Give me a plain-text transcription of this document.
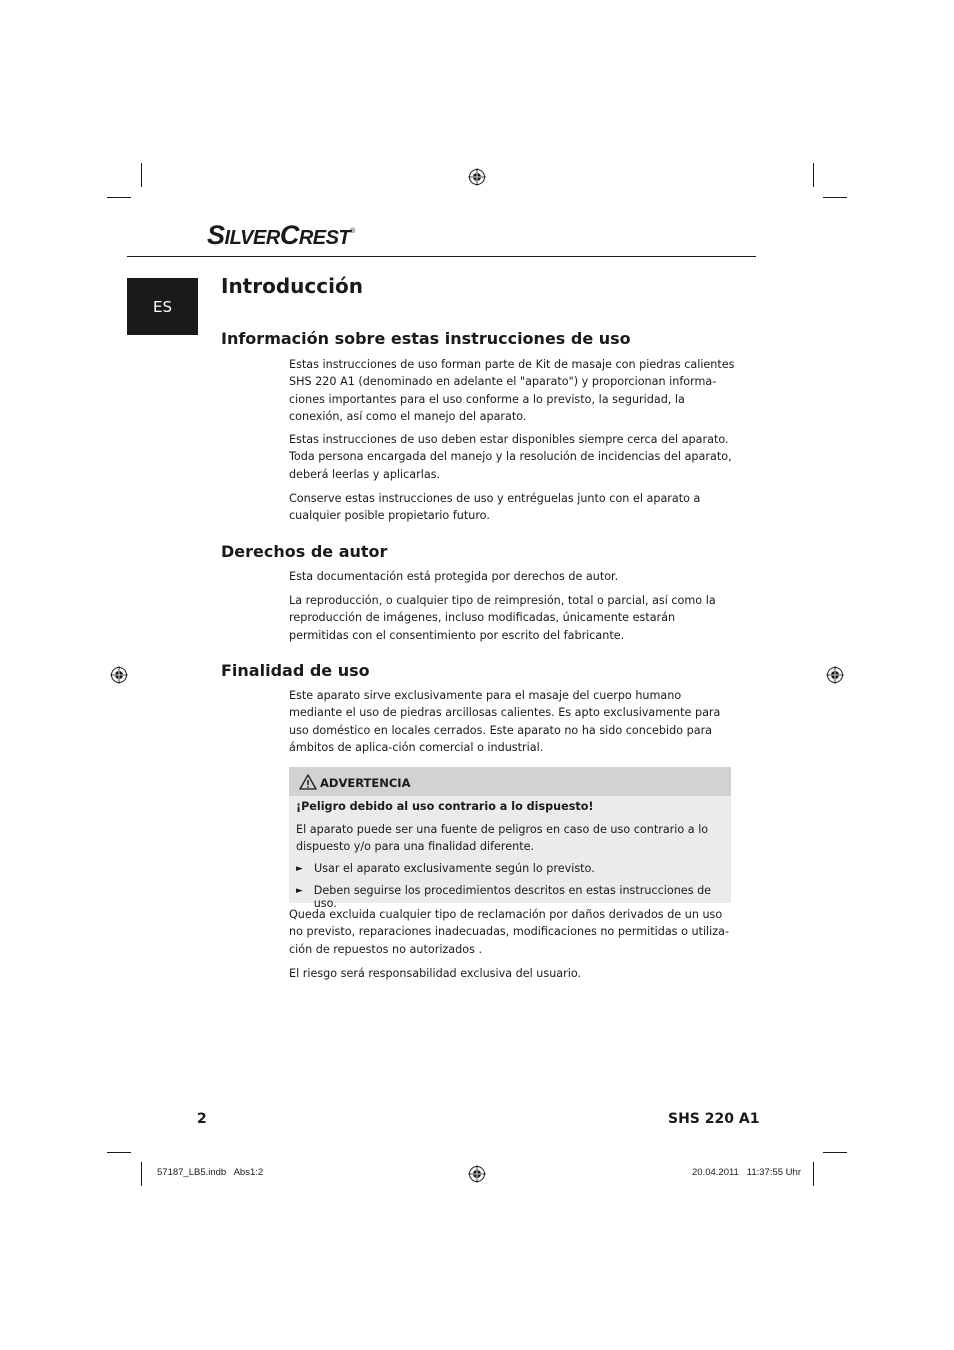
SILVERCREST®
ES
Introducción
Información sobre estas instrucciones de uso

Estas instrucciones de uso forman parte de Kit de masaje con piedras calientes SHS 220 A1 (denominado en adelante el "aparato") y proporcionan informa-ciones importantes para el uso conforme a lo previsto, la seguridad, la conexión, así como el manejo del aparato.

Estas instrucciones de uso deben estar disponibles siempre cerca del aparato. Toda persona encargada del manejo y la resolución de incidencias del aparato, deberá leerlas y aplicarlas.

Conserve estas instrucciones de uso y entréguelas junto con el aparato a cualquier posible propietario futuro.

Derechos de autor

Esta documentación está protegida por derechos de autor.

La reproducción, o cualquier tipo de reimpresión, total o parcial, así como la reproducción de imágenes, incluso modificadas, únicamente estarán permitidas con el consentimiento por escrito del fabricante.

Finalidad de uso

Este aparato sirve exclusivamente para el masaje del cuerpo humano mediante el uso de piedras arcillosas calientes. Es apto exclusivamente para uso doméstico en locales cerrados. Este aparato no ha sido concebido para ámbitos de aplica-ción comercial o industrial.

ADVERTENCIA
¡Peligro debido al uso contrario a lo dispuesto!
El aparato puede ser una fuente de peligros en caso de uso contrario a lo dispuesto y/o para una finalidad diferente.
► Usar el aparato exclusivamente según lo previsto.
► Deben seguirse los procedimientos descritos en estas instrucciones de uso.

Queda excluida cualquier tipo de reclamación por daños derivados de un uso no previsto, reparaciones inadecuadas, modificaciones no permitidas o utiliza-ción de repuestos no autorizados .

El riesgo será responsabilidad exclusiva del usuario.

2	SHS 220 A1
57187_LB5.indb   Abs1:2	20.04.2011   11:37:55 Uhr
